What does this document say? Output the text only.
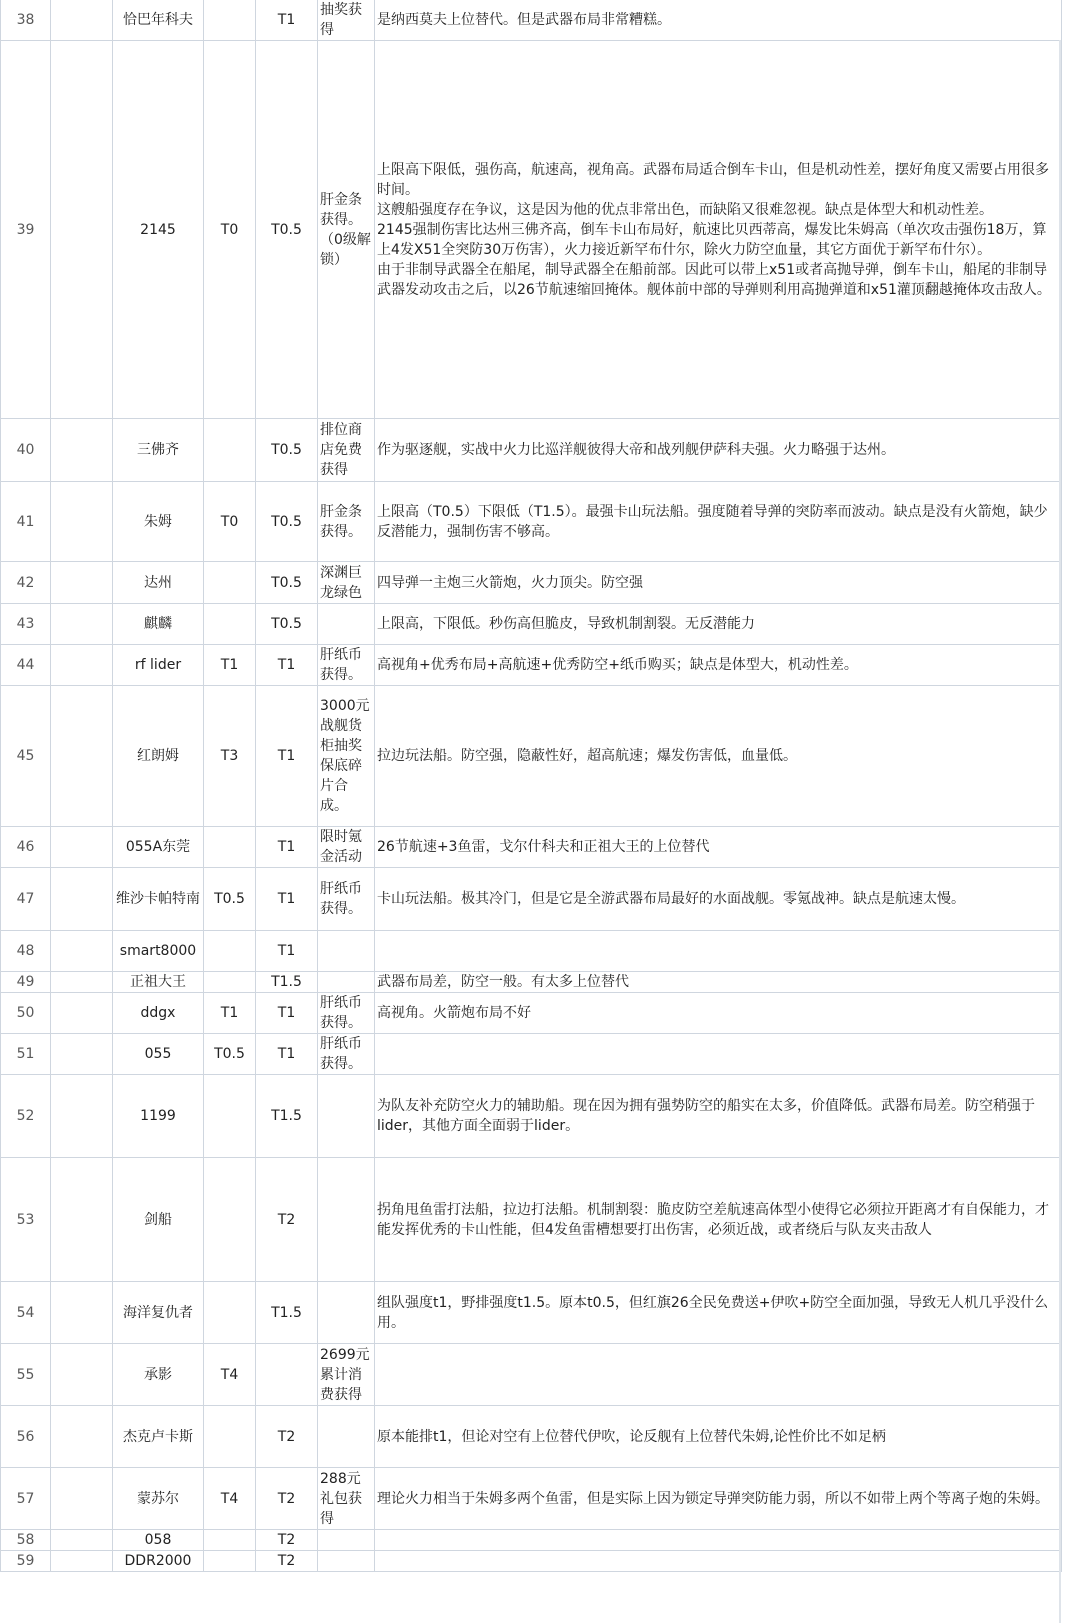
38		恰巴年科夫		T1	抽奖获得	是纳西莫夫上位替代。但是武器布局非常糟糕。
39		2145	T0	T0.5	肝金条获得。（0级解锁）	上限高下限低，强伤高，航速高，视角高。武器布局适合倒车卡山，但是机动性差，摆好角度又需要占用很多时间。
这艘船强度存在争议，这是因为他的优点非常出色，而缺陷又很难忽视。缺点是体型大和机动性差。
2145强制伤害比达州三佛齐高，倒车卡山布局好，航速比贝西蒂高，爆发比朱姆高（单次攻击强伤18万，算上4发X51全突防30万伤害），火力接近新罕布什尔，除火力防空血量，其它方面优于新罕布什尔）。
由于非制导武器全在船尾，制导武器全在船前部。因此可以带上x51或者高抛导弹，倒车卡山，船尾的非制导武器发动攻击之后，以26节航速缩回掩体。舰体前中部的导弹则利用高抛弹道和x51灌顶翻越掩体攻击敌人。
40		三佛齐		T0.5	排位商店免费获得	作为驱逐舰，实战中火力比巡洋舰彼得大帝和战列舰伊萨科夫强。火力略强于达州。
41		朱姆	T0	T0.5	肝金条获得。	上限高（T0.5）下限低（T1.5）。最强卡山玩法船。强度随着导弹的突防率而波动。缺点是没有火箭炮，缺少反潜能力，强制伤害不够高。
42		达州		T0.5	深渊巨龙绿色	四导弹一主炮三火箭炮，火力顶尖。防空强
43		麒麟		T0.5		上限高，下限低。秒伤高但脆皮，导致机制割裂。无反潜能力
44		rf lider	T1	T1	肝纸币获得。	高视角+优秀布局+高航速+优秀防空+纸币购买；缺点是体型大，机动性差。
45		红朗姆	T3	T1	3000元战舰货柜抽奖保底碎片合成。	拉边玩法船。防空强，隐蔽性好，超高航速；爆发伤害低，血量低。
46		055A东莞		T1	限时氪金活动	26节航速+3鱼雷，戈尔什科夫和正祖大王的上位替代
47		维沙卡帕特南	T0.5	T1	肝纸币获得。	卡山玩法船。极其冷门，但是它是全游武器布局最好的水面战舰。零氪战神。缺点是航速太慢。
48		smart8000		T1		
49		正祖大王		T1.5		武器布局差，防空一般。有太多上位替代
50		ddgx	T1	T1	肝纸币获得。	高视角。火箭炮布局不好
51		055	T0.5	T1	肝纸币获得。	
52		1199		T1.5		为队友补充防空火力的辅助船。现在因为拥有强势防空的船实在太多，价值降低。武器布局差。防空稍强于lider，其他方面全面弱于lider。
53		剑船		T2		拐角甩鱼雷打法船，拉边打法船。机制割裂：脆皮防空差航速高体型小使得它必须拉开距离才有自保能力，才能发挥优秀的卡山性能，但4发鱼雷槽想要打出伤害，必须近战，或者绕后与队友夹击敌人
54		海洋复仇者		T1.5		组队强度t1，野排强度t1.5。原本t0.5，但红旗26全民免费送+伊吹+防空全面加强，导致无人机几乎没什么用。
55		承影	T4		2699元累计消费获得	
56		杰克卢卡斯		T2		原本能排t1，但论对空有上位替代伊吹，论反舰有上位替代朱姆,论性价比不如足柄
57		蒙苏尔	T4	T2	288元礼包获得	理论火力相当于朱姆多两个鱼雷，但是实际上因为锁定导弹突防能力弱，所以不如带上两个等离子炮的朱姆。
58		058		T2		
59		DDR2000		T2		
